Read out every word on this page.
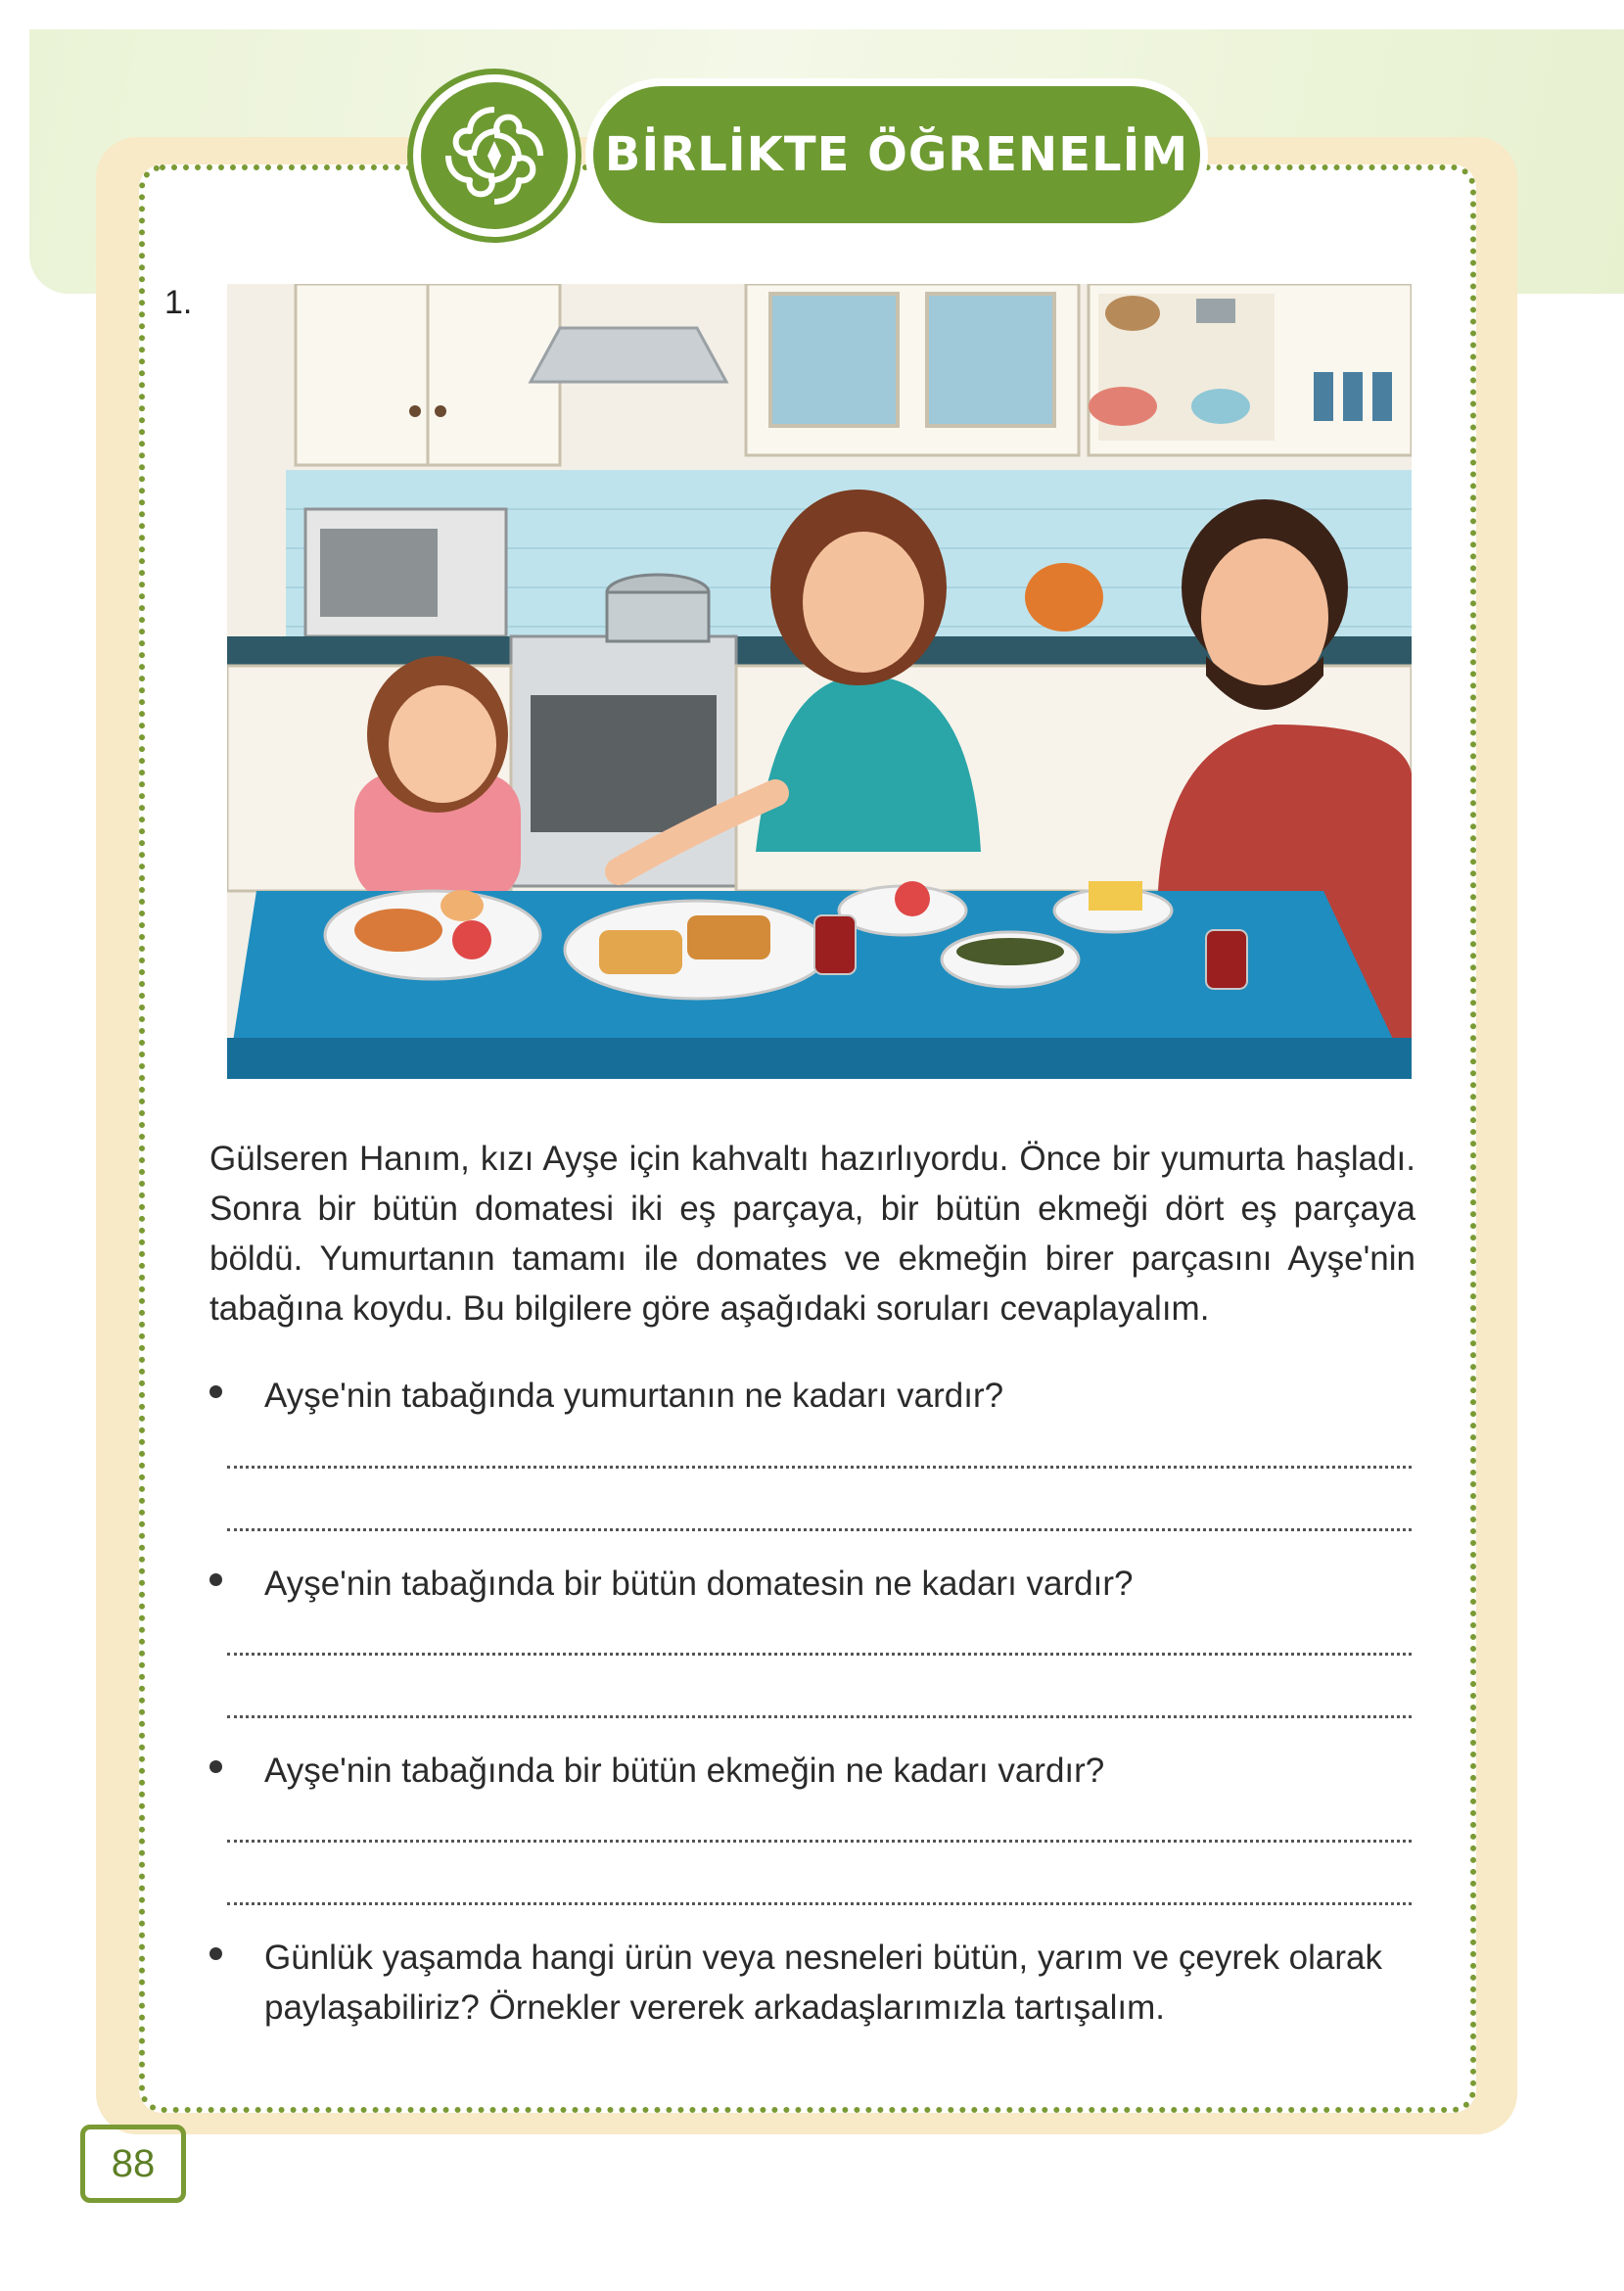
BİRLİKTE ÖĞRENELİM
1.
Gülseren Hanım, kızı Ayşe için kahvaltı hazırlıyordu. Önce bir yumurta haşladı. Sonra bir bütün domatesi iki eş parçaya, bir bütün ekmeği dört eş parçaya böldü. Yumurtanın tamamı ile domates ve ekmeğin birer parçasını Ayşe'nin tabağına koydu. Bu bilgilere göre aşağıdaki soruları cevaplayalım.
Ayşe'nin tabağında yumurtanın ne kadarı vardır?
Ayşe'nin tabağında bir bütün domatesin ne kadarı vardır?
Ayşe'nin tabağında bir bütün ekmeğin ne kadarı vardır?
Günlük yaşamda hangi ürün veya nesneleri bütün, yarım ve çeyrek olarak paylaşabiliriz? Örnekler vererek arkadaşlarımızla tartışalım.
88
